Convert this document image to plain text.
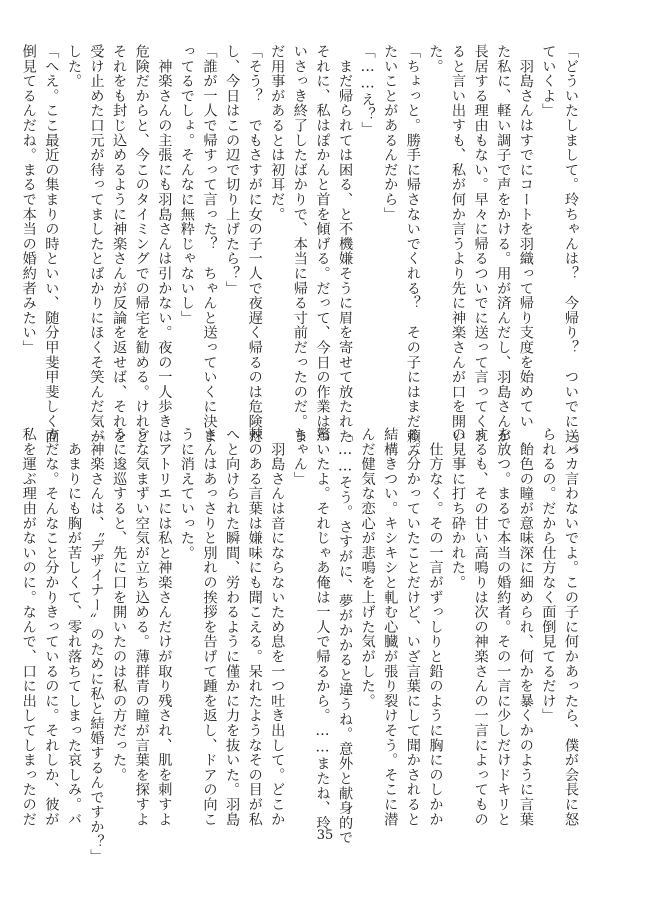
「どういたしまして。玲ちゃんは？　今帰り？　ついでに送っ
ていくよ」
　羽島さんはすでにコートを羽織って帰り支度を始めてい
た私に、軽い調子で声をかける。用が済んだし、羽島さんが
長居する理由もない。早々に帰るついでに送って言ってくれ
ると言い出すも、私が何か言うより先に神楽さんが口を開い
た。
「ちょっと。勝手に帰さないでくれる？　その子にはまだ頼み
たいことがあるんだから」
「……え？」
　まだ帰られては困る、と不機嫌そうに眉を寄せて放たれた
それに、私はぽかんと首を傾げる。だって、今日の作業はつ
いさっき終了したばかりで、本当に帰る寸前だったのだ。ま
だ用事があるとは初耳だ。
「そう？　でもさすがに女の子一人で夜遅く帰るのは危険だ
し、今日はこの辺で切り上げたら？」
「誰が一人で帰すって言った？　ちゃんと送っていくに決ま
ってるでしょ。そんなに無粋じゃないし」
　神楽さんの主張にも羽島さんは引かない。夜の一人歩きは
危険だからと、今このタイミングでの帰宅を勧める。けれど
それをも封じ込めるように神楽さんが反論を返せば、それを
受け止めた口元が待ってましたとばかりにほくそ笑んだ気が
した。
「へえ。ここ最近の集まりの時といい、随分甲斐甲斐しく面
倒見てるんだね。まるで本当の婚約者みたい」
「バカ言わないでよ。この子に何かあったら、僕が会長に怒
られるの。だから仕方なく面倒見てるだけ」
　飴色の瞳が意味深に細められ、何かを暴くかのように言葉
を放つ。まるで本当の婚約者。その一言に少しだけドキリと
するも、その甘い高鳴りは次の神楽さんの一言によってもの
の見事に打ち砕かれた。
　仕方なく。その一言がずっしりと鉛のように胸にのしかか
る。分かっていたことだけど、いざ言葉にして聞かされると
結構きつい。キシキシと軋む心臓が張り裂けそう。そこに潜
んだ健気な恋心が悲鳴を上げた気がした。
「……そう。さすがに、夢がかかると違うね。意外と献身的で
驚いたよ。それじゃあ俺は一人で帰るから。……またね、玲
ちゃん」
　羽島さんは音にならないため息を一つ吐き出して。どこか
棘のある言葉は嫌味にも聞こえる。呆れたようなその目が私
へと向けられた瞬間、労わるように僅かに力を抜いた。羽島
さんはあっさりと別れの挨拶を告げて踵を返し、ドアの向こ
うに消えていった。
　アトリエには私と神楽さんだけが取り残され、肌を刺すよ
うな気まずい空気が立ち込める。薄群青の瞳が言葉を探すよ
うに逡巡すると、先に口を開いたのは私の方だった。
「神楽さんは、〝デザイナー〟のために私と結婚するんですか？」
　あまりにも胸が苦しくて、零れ落ちてしまった哀しみ。バ
カだな。そんなこと分かりきっているのに。それしか、彼が
私を運ぶ理由がないのに。なんで、口に出してしまったのだ
35
